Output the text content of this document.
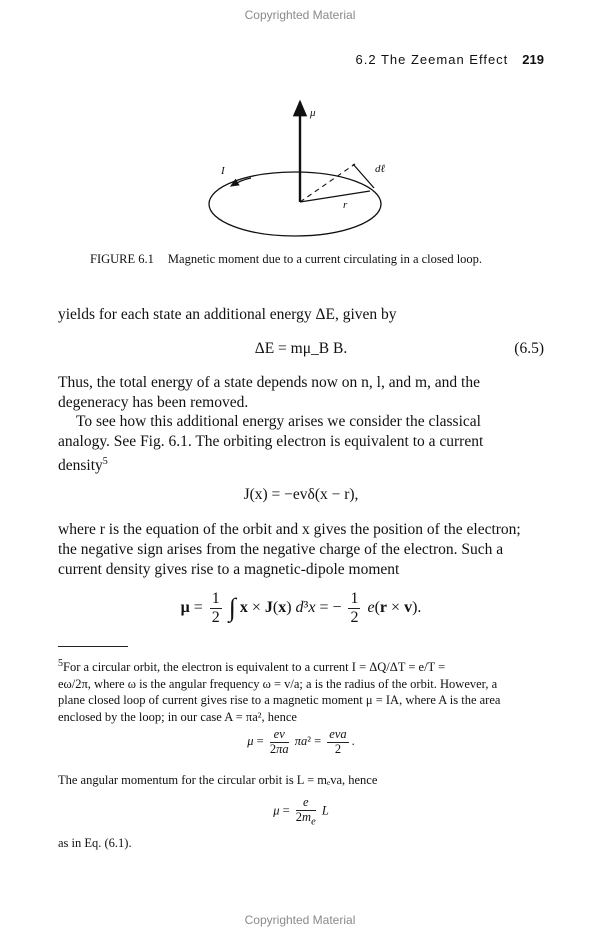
Copyrighted Material
6.2 The Zeeman Effect 219
μ
I	dℓ
r
FIGURE 6.1 Magnetic moment due to a current circulating in a closed loop.
yields for each state an additional energy ΔE, given by
ΔE = mμ_B B.	(6.5)
Thus, the total energy of a state depends now on n, l, and m, and the
degeneracy has been removed.
To see how this additional energy arises we consider the classical
analogy. See Fig. 6.1. The orbiting electron is equivalent to a current
density$^5$
J(x) = −evδ(x − r),
where r is the equation of the orbit and x gives the position of the electron;
the negative sign arises from the negative charge of the electron. Such a
current density gives rise to a magnetic-dipole moment
$\mu = \frac{1}{2}$ ∫ x × J(x) d³x = − $\frac{1}{2} e(r \times v)$.
$^5$For a circular orbit, the electron is equivalent to a current I = ΔQ/ΔT = e/T =
eω/2π, where ω is the angular frequency ω = v/a; a is the radius of the orbit. However, a
plane closed loop of current gives rise to a magnetic moment μ = IA, where A is the area
enclosed by the loop; in our case A = πa², hence
$\mu = \frac{ev}{2\pi a} \pi a^2 = \frac{\text{eva}}{2}$ .
The angular momentum for the circular orbit is L = mₑva, hence
$\mu = \frac{e}{2m_e}$ L
as in Eq. (6.1).
Copyrighted Material
